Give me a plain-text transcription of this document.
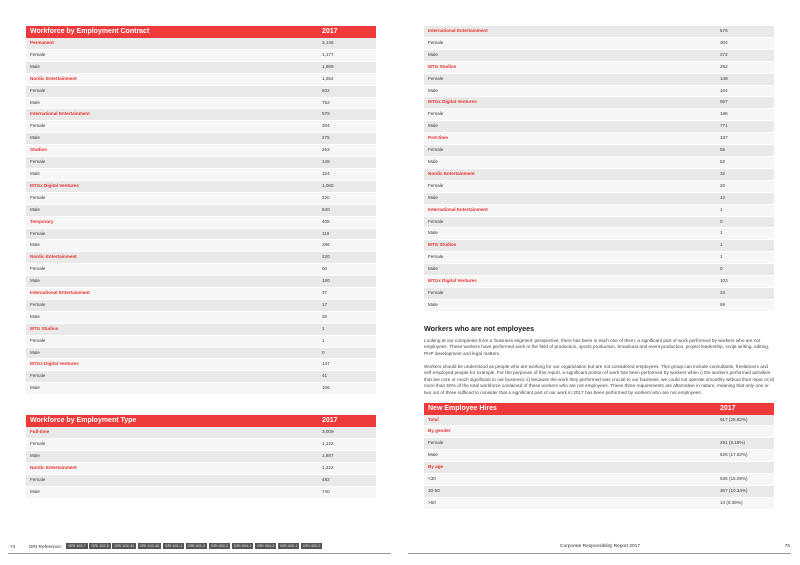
Workforce by Employment Contract	2017
Permanent	3,146
Female	1,177
Male	1,969
Nordic Entertainment	1,254
Female	502
Male	752
International Entertainment	579
Female	304
Male	275
Studios	253
Female	149
Male	104
MTGx Digital Ventures	1,060
Female	220
Male	840
Temporary	405
Female	119
Male	286
Nordic Entertainment	220
Female	60
Male	160
International Entertainment	37
Female	17
Male	20
MTG Studios	1
Female	1
Male	0
MTGx Digital Ventures	147
Female	41
Male	106
Workforce by Employment Type	2017
Full-time	3,009
Female	1,122
Male	1,887
Nordic Entertainment	1,222
Female	482
Male	740
International Entertainment	576
Female	304
Male	272
MTG Studios	252
Female	148
Male	104
MTGx Digital Ventures	957
Female	186
Male	771
Part-time	137
Female	55
Male	82
Nordic Entertainment	32
Female	20
Male	12
International Entertainment	1
Female	0
Male	1
MTG Studios	1
Female	1
Male	0
MTGx Digital Ventures	103
Female	34
Male	69
Workers who are not employees

Looking at our companies from a 'business segment' perspective, there has been in each one of them, a significant part of work performed by workers who are not employees. These workers have performed work in the field of production, sports production, broadcast and event production, project leadership, script writing, editing, PHP development and legal matters.

Workers should be understood as people who are working for our organization but are not considered employees. This group can include consultants, freelancers and self-employed people for example. For the purposes of this report, a significant portion of work has been performed by workers when i) the workers performed activities that are core or much significant to our business; ii) because the work they performed was crucial to our business, we could not operate smoothly without their input or;iii) more than 50% of the total workforce contained of these workers who are not employees. These three requirements are alternative in nature, meaning that only one or two out of three sufficed to consider that a significant part of our work in 2017 has been performed by workers who are not employees.

New Employee Hires	2017
Total	917 (25.82%)
By gender	
Female	291 (8.19%)
Male	626 (17.63%)
By age	
<30	536 (15.09%)
30-50	367 (10.34%)
>50	14 (0.39%)
74	GRI Reference: GRI 102-7 GRI 102-8 GRI 102-41 GRI 102-48 GRI 401-1 GRI 401-3 GRI 402-2 GRI 404-1 GRI 404-3 GRI 405-1 GRI 405-2	Corporate Responsibility Report 2017	75
